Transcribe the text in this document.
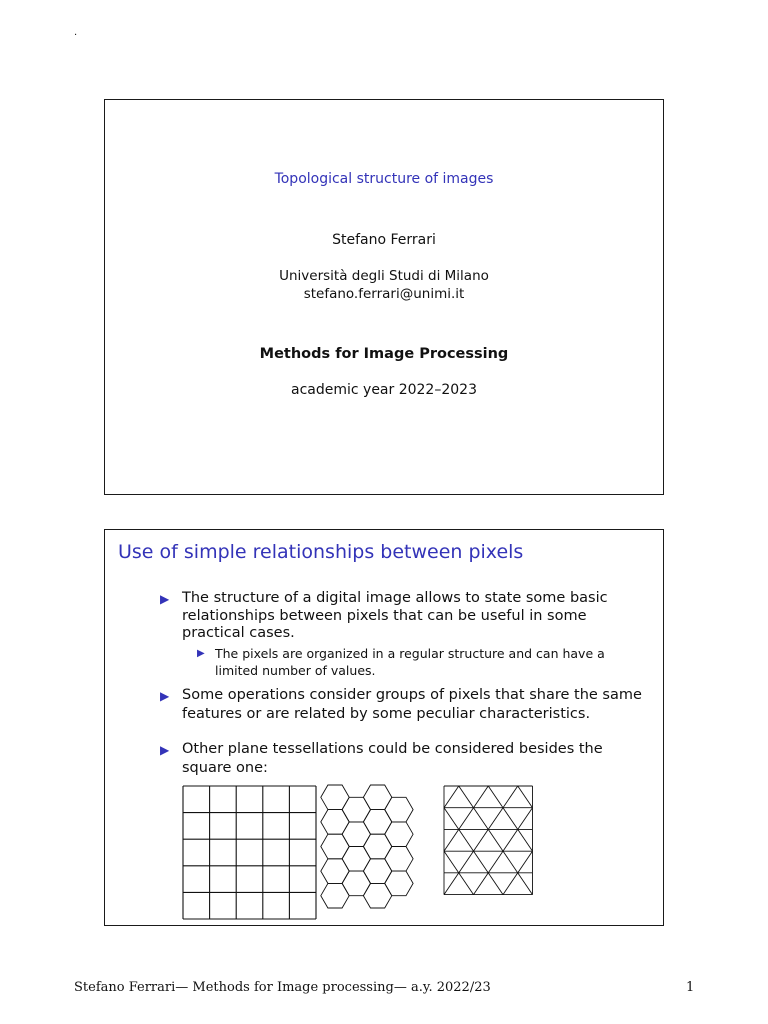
.
Topological structure of images
Stefano Ferrari
Università degli Studi di Milano
stefano.ferrari@unimi.it
Methods for Image Processing
academic year 2022–2023
Use of simple relationships between pixels
▶ The structure of a digital image allows to state some basic relationships between pixels that can be useful in some practical cases.
▶ The pixels are organized in a regular structure and can have a limited number of values.
▶ Some operations consider groups of pixels that share the same features or are related by some peculiar characteristics.
▶ Other plane tessellations could be considered besides the square one:
Stefano Ferrari— Methods for Image processing— a.y. 2022/23	1
